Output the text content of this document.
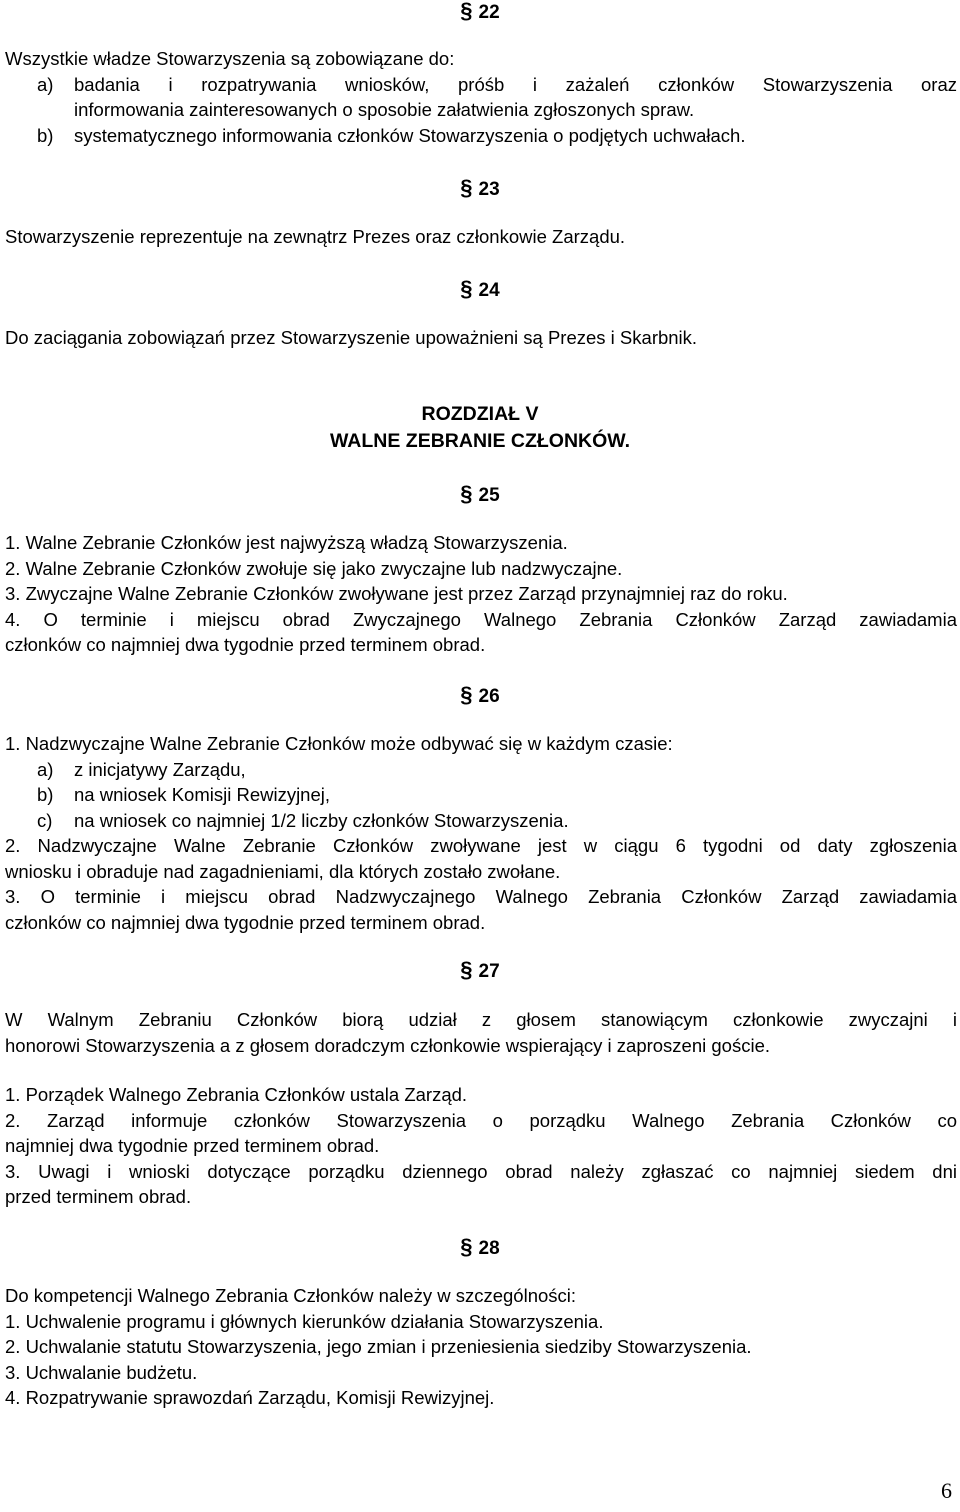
§ 22
Wszystkie władze Stowarzyszenia są zobowiązane do:
a)	badania i rozpatrywania wniosków, próśb i zażaleń członków Stowarzyszenia oraz
informowania zainteresowanych o sposobie załatwienia zgłoszonych spraw.
b)	systematycznego informowania członków Stowarzyszenia o podjętych uchwałach.
§ 23
Stowarzyszenie reprezentuje na zewnątrz Prezes oraz członkowie Zarządu.
§ 24
Do zaciągania zobowiązań przez Stowarzyszenie upoważnieni są Prezes i Skarbnik.
ROZDZIAŁ V
WALNE ZEBRANIE CZŁONKÓW.
§ 25
1. Walne Zebranie Członków jest najwyższą władzą Stowarzyszenia.
2. Walne Zebranie Członków zwołuje się jako zwyczajne lub nadzwyczajne.
3. Zwyczajne Walne Zebranie Członków zwoływane jest przez Zarząd przynajmniej raz do roku.
4. O terminie i miejscu obrad Zwyczajnego Walnego Zebrania Członków Zarząd zawiadamia
członków co najmniej dwa tygodnie przed terminem obrad.
§ 26
1. Nadzwyczajne Walne Zebranie Członków może odbywać się w każdym czasie:
a)	z inicjatywy Zarządu,
b)	na wniosek Komisji Rewizyjnej,
c)	na wniosek co najmniej 1/2 liczby członków Stowarzyszenia.
2. Nadzwyczajne Walne Zebranie Członków zwoływane jest w ciągu 6 tygodni od daty zgłoszenia
wniosku i obraduje nad zagadnieniami, dla których zostało zwołane.
3. O terminie i miejscu obrad Nadzwyczajnego Walnego Zebrania Członków Zarząd zawiadamia
członków co najmniej dwa tygodnie przed terminem obrad.
§ 27
W Walnym Zebraniu Członków biorą udział z głosem stanowiącym członkowie zwyczajni i
honorowi Stowarzyszenia a z głosem doradczym członkowie wspierający i zaproszeni goście.
1. Porządek Walnego Zebrania Członków ustala Zarząd.
2. Zarząd informuje członków Stowarzyszenia o porządku Walnego Zebrania Członków co
najmniej dwa tygodnie przed terminem obrad.
3. Uwagi i wnioski dotyczące porządku dziennego obrad należy zgłaszać co najmniej siedem dni
przed terminem obrad.
§ 28
Do kompetencji Walnego Zebrania Członków należy w szczególności:
1. Uchwalenie programu i głównych kierunków działania Stowarzyszenia.
2. Uchwalanie statutu Stowarzyszenia, jego zmian i przeniesienia siedziby Stowarzyszenia.
3. Uchwalanie budżetu.
4. Rozpatrywanie sprawozdań Zarządu, Komisji Rewizyjnej.
6
